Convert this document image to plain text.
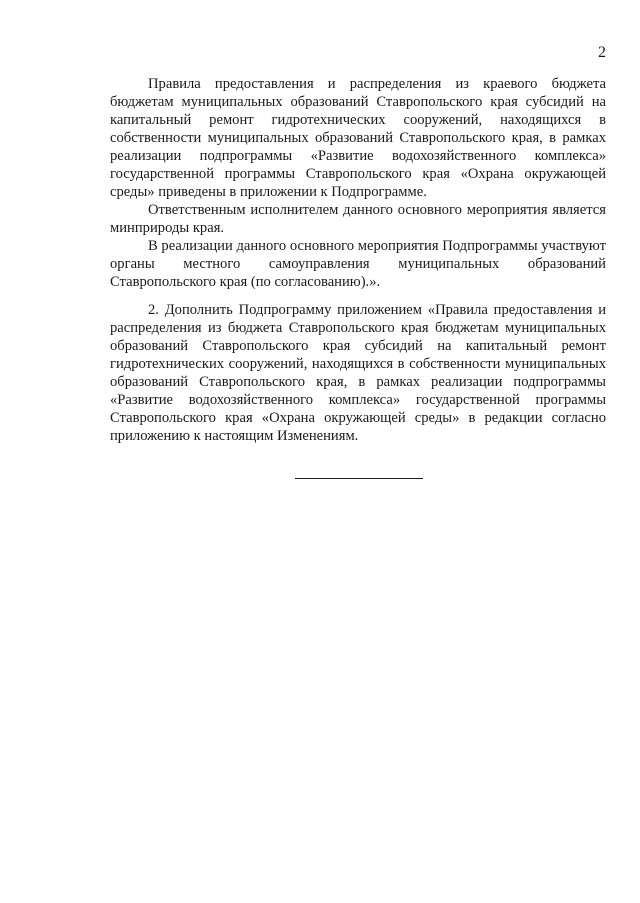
2

Правила предоставления и распределения из краевого бюджета бюджетам муниципальных образований Ставропольского края субсидий на капитальный ремонт гидротехнических сооружений, находящихся в собственности муниципальных образований Ставропольского края, в рамках реализации подпрограммы «Развитие водохозяйственного комплекса» государственной программы Ставропольского края «Охрана окружающей среды» приведены в приложении к Подпрограмме.

Ответственным исполнителем данного основного мероприятия является минприроды края.

В реализации данного основного мероприятия Подпрограммы участвуют органы местного самоуправления муниципальных образований Ставропольского края (по согласованию).».

2. Дополнить Подпрограмму приложением «Правила предоставления и распределения из бюджета Ставропольского края бюджетам муниципальных образований Ставропольского края субсидий на капитальный ремонт гидротехнических сооружений, находящихся в собственности муниципальных образований Ставропольского края, в рамках реализации подпрограммы «Развитие водохозяйственного комплекса» государственной программы Ставропольского края «Охрана окружающей среды» в редакции согласно приложению к настоящим Изменениям.
